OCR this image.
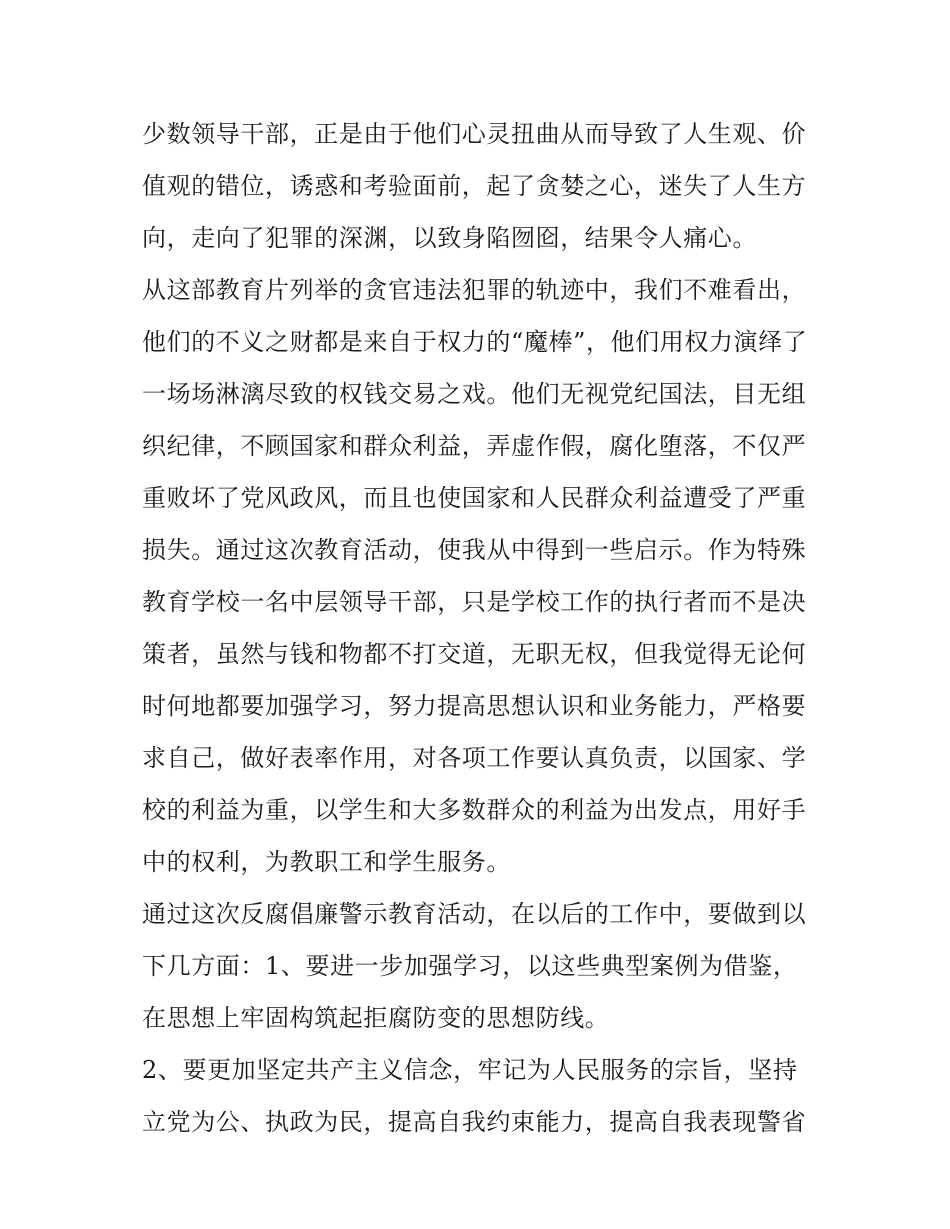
少数领导干部，正是由于他们心灵扭曲从而导致了人生观、价
值观的错位，诱惑和考验面前，起了贪婪之心，迷失了人生方
向，走向了犯罪的深渊，以致身陷囫囵，结果令人痛心。
从这部教育片列举的贪官违法犯罪的轨迹中，我们不难看出，
他们的不义之财都是来自于权力的“魔棒”，他们用权力演绎了
一场场淋漓尽致的权钱交易之戏。他们无视党纪国法，目无组
织纪律，不顾国家和群众利益，弄虚作假，腐化堕落，不仅严
重败坏了党风政风，而且也使国家和人民群众利益遭受了严重
损失。通过这次教育活动，使我从中得到一些启示。作为特殊
教育学校一名中层领导干部，只是学校工作的执行者而不是决
策者，虽然与钱和物都不打交道，无职无权，但我觉得无论何
时何地都要加强学习，努力提高思想认识和业务能力，严格要
求自己，做好表率作用，对各项工作要认真负责，以国家、学
校的利益为重，以学生和大多数群众的利益为出发点，用好手
中的权利，为教职工和学生服务。
通过这次反腐倡廉警示教育活动，在以后的工作中，要做到以
下几方面：1、要进一步加强学习，以这些典型案例为借鉴，
在思想上牢固构筑起拒腐防变的思想防线。
2、要更加坚定共产主义信念，牢记为人民服务的宗旨，坚持
立党为公、执政为民，提高自我约束能力，提高自我表现警省
